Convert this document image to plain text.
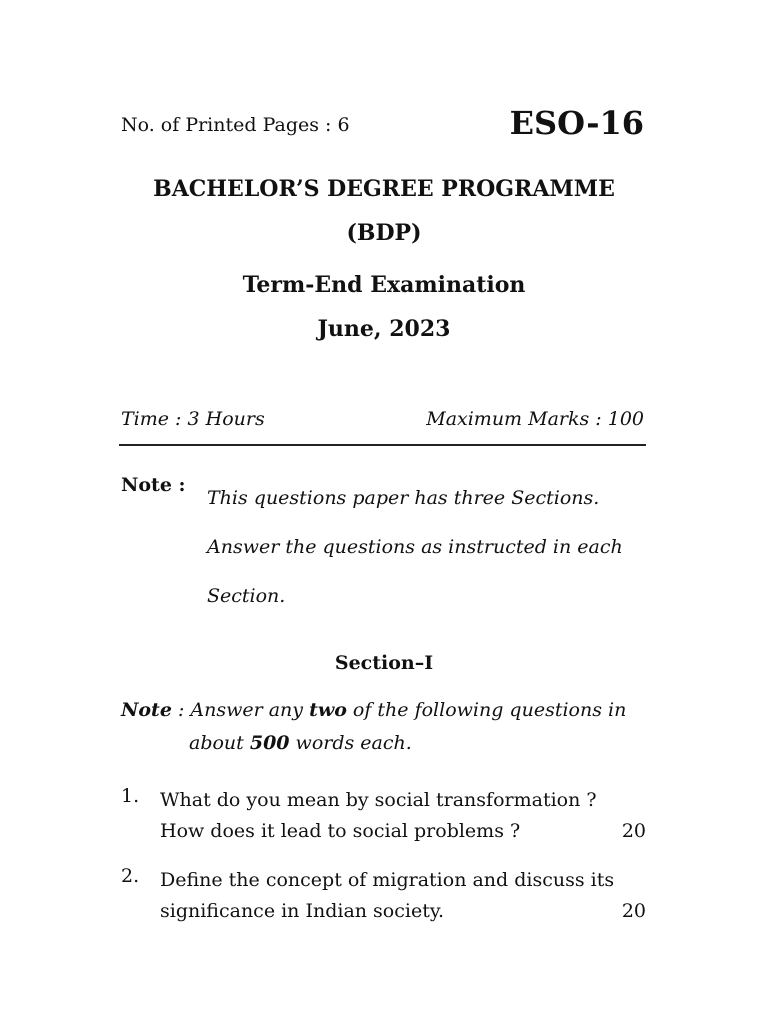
No. of Printed Pages : 6	ESO-16
BACHELOR’S DEGREE PROGRAMME
(BDP)
Term-End Examination
June, 2023
Time : 3 Hours	Maximum Marks : 100
Note :
This questions paper has three Sections.
Answer the questions as instructed in each
Section.
Section–I
Note : Answer any two of the following questions in
about 500 words each.
1. What do you mean by social transformation ?
How does it lead to social problems ?	20
2. Define the concept of migration and discuss its
significance in Indian society.	20
